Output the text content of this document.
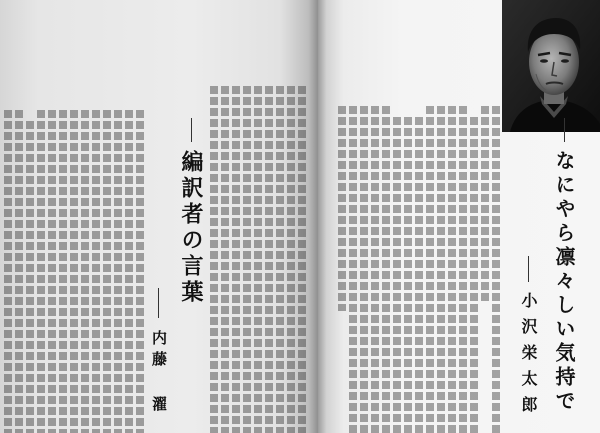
編訳者の言葉
内藤
濯	なにやら凛々しい気持で
小沢栄太郎
